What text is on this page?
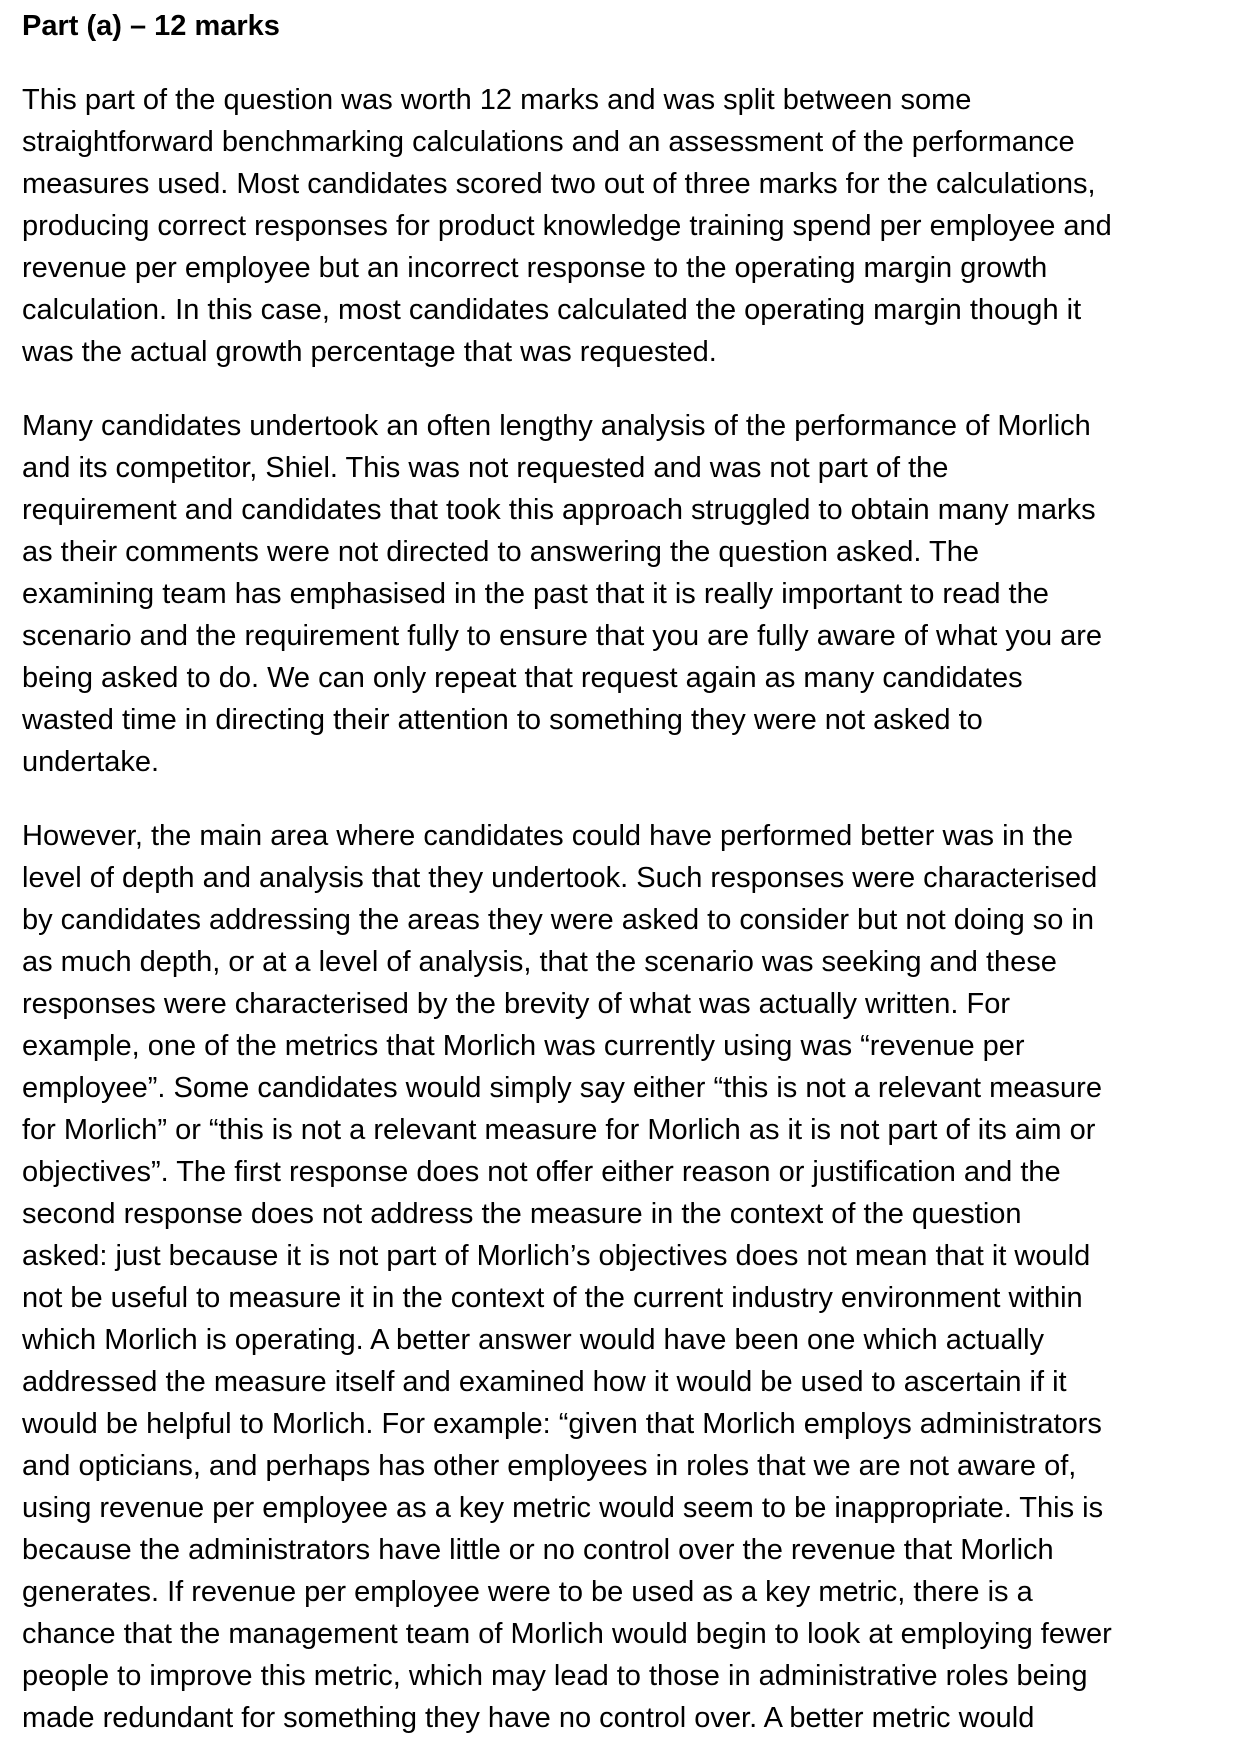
Part (a) – 12 marks
This part of the question was worth 12 marks and was split between some
straightforward benchmarking calculations and an assessment of the performance
measures used. Most candidates scored two out of three marks for the calculations,
producing correct responses for product knowledge training spend per employee and
revenue per employee but an incorrect response to the operating margin growth
calculation. In this case, most candidates calculated the operating margin though it
was the actual growth percentage that was requested.
Many candidates undertook an often lengthy analysis of the performance of Morlich
and its competitor, Shiel. This was not requested and was not part of the
requirement and candidates that took this approach struggled to obtain many marks
as their comments were not directed to answering the question asked. The
examining team has emphasised in the past that it is really important to read the
scenario and the requirement fully to ensure that you are fully aware of what you are
being asked to do. We can only repeat that request again as many candidates
wasted time in directing their attention to something they were not asked to
undertake.
However, the main area where candidates could have performed better was in the
level of depth and analysis that they undertook. Such responses were characterised
by candidates addressing the areas they were asked to consider but not doing so in
as much depth, or at a level of analysis, that the scenario was seeking and these
responses were characterised by the brevity of what was actually written. For
example, one of the metrics that Morlich was currently using was “revenue per
employee”. Some candidates would simply say either “this is not a relevant measure
for Morlich” or “this is not a relevant measure for Morlich as it is not part of its aim or
objectives”. The first response does not offer either reason or justification and the
second response does not address the measure in the context of the question
asked: just because it is not part of Morlich’s objectives does not mean that it would
not be useful to measure it in the context of the current industry environment within
which Morlich is operating. A better answer would have been one which actually
addressed the measure itself and examined how it would be used to ascertain if it
would be helpful to Morlich. For example: “given that Morlich employs administrators
and opticians, and perhaps has other employees in roles that we are not aware of,
using revenue per employee as a key metric would seem to be inappropriate. This is
because the administrators have little or no control over the revenue that Morlich
generates. If revenue per employee were to be used as a key metric, there is a
chance that the management team of Morlich would begin to look at employing fewer
people to improve this metric, which may lead to those in administrative roles being
made redundant for something they have no control over. A better metric would
